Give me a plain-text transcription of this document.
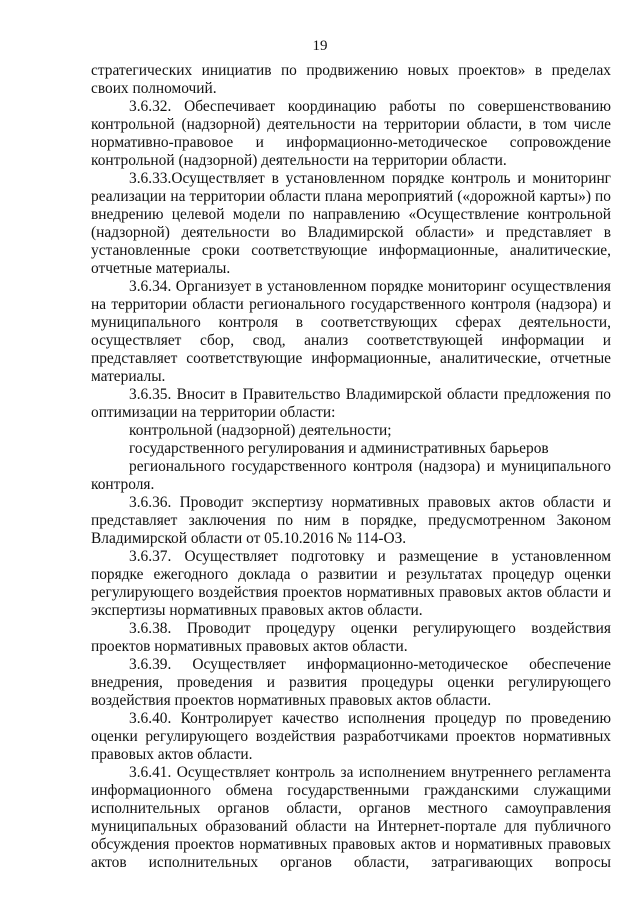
19

стратегических инициатив по продвижению новых проектов» в пределах своих полномочий.

3.6.32. Обеспечивает координацию работы по совершенствованию контрольной (надзорной) деятельности на территории области, в том числе нормативно-правовое и информационно-методическое сопровождение контрольной (надзорной) деятельности на территории области.

3.6.33.Осуществляет в установленном порядке контроль и мониторинг реализации на территории области плана мероприятий («дорожной карты») по внедрению целевой модели по направлению «Осуществление контрольной (надзорной) деятельности во Владимирской области» и представляет в установленные сроки соответствующие информационные, аналитические, отчетные материалы.

3.6.34. Организует в установленном порядке мониторинг осуществления на территории области регионального государственного контроля (надзора) и муниципального контроля в соответствующих сферах деятельности, осуществляет сбор, свод, анализ соответствующей информации и представляет соответствующие информационные, аналитические, отчетные материалы.

3.6.35. Вносит в Правительство Владимирской области предложения по оптимизации на территории области:

контрольной (надзорной) деятельности;

государственного регулирования и административных барьеров

регионального государственного контроля (надзора) и муниципального контроля.

3.6.36. Проводит экспертизу нормативных правовых актов области и представляет заключения по ним в порядке, предусмотренном Законом Владимирской области от 05.10.2016 № 114-ОЗ.

3.6.37. Осуществляет подготовку и размещение в установленном порядке ежегодного доклада о развитии и результатах процедур оценки регулирующего воздействия проектов нормативных правовых актов области и экспертизы нормативных правовых актов области.

3.6.38. Проводит процедуру оценки регулирующего воздействия проектов нормативных правовых актов области.

3.6.39. Осуществляет информационно-методическое обеспечение внедрения, проведения и развития процедуры оценки регулирующего воздействия проектов нормативных правовых актов области.

3.6.40. Контролирует качество исполнения процедур по проведению оценки регулирующего воздействия разработчиками проектов нормативных правовых актов области.

3.6.41. Осуществляет контроль за исполнением внутреннего регламента информационного обмена государственными гражданскими служащими исполнительных органов области, органов местного самоуправления муниципальных образований области на Интернет-портале для публичного обсуждения проектов нормативных правовых актов и нормативных правовых актов исполнительных органов области, затрагивающих вопросы
